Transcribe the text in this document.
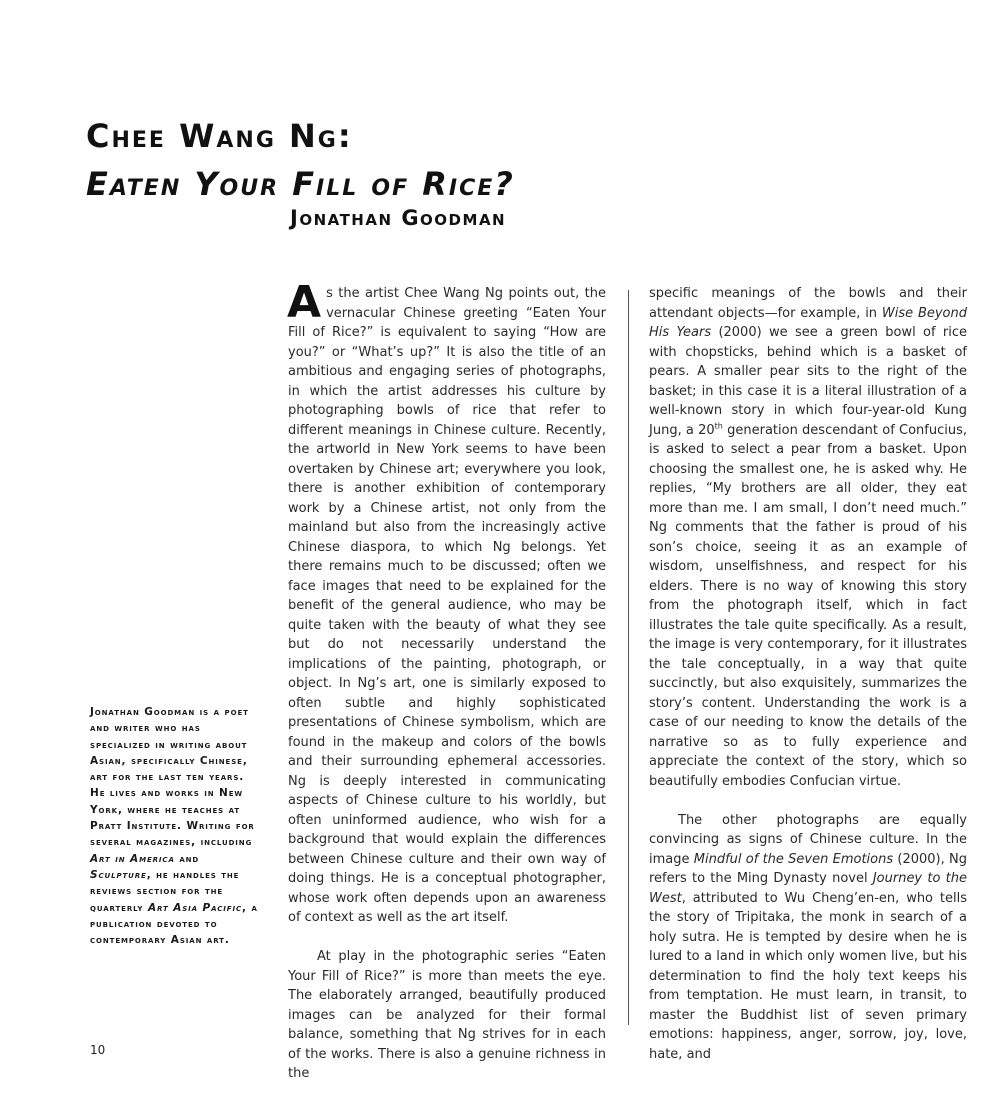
Chee Wang Ng:
Eaten Your Fill of Rice?
Jonathan Goodman

Jonathan Goodman is a poet and writer who has specialized in writing about Asian, specifically Chinese, art for the last ten years. He lives and works in New York, where he teaches at Pratt Institute. Writing for several magazines, including Art in America and Sculpture, he handles the reviews section for the quarterly Art Asia Pacific, a publication devoted to contemporary Asian art.

As the artist Chee Wang Ng points out, the vernacular Chinese greeting “Eaten Your Fill of Rice?” is equivalent to saying “How are you?” or “What’s up?” It is also the title of an ambitious and engaging series of photographs, in which the artist addresses his culture by photographing bowls of rice that refer to different meanings in Chinese culture. Recently, the artworld in New York seems to have been overtaken by Chinese art; everywhere you look, there is another exhibition of contemporary work by a Chinese artist, not only from the mainland but also from the increasingly active Chinese diaspora, to which Ng belongs. Yet there remains much to be discussed; often we face images that need to be explained for the benefit of the general audience, who may be quite taken with the beauty of what they see but do not necessarily understand the implications of the painting, photograph, or object. In Ng’s art, one is similarly exposed to often subtle and highly sophisticated presentations of Chinese symbolism, which are found in the makeup and colors of the bowls and their surrounding ephemeral accessories. Ng is deeply interested in communicating aspects of Chinese culture to his worldly, but often uninformed audience, who wish for a background that would explain the differences between Chinese culture and their own way of doing things. He is a conceptual photographer, whose work often depends upon an awareness of context as well as the art itself.

At play in the photographic series “Eaten Your Fill of Rice?” is more than meets the eye. The elaborately arranged, beautifully produced images can be analyzed for their formal balance, something that Ng strives for in each of the works. There is also a genuine richness in the

specific meanings of the bowls and their attendant objects—for example, in Wise Beyond His Years (2000) we see a green bowl of rice with chopsticks, behind which is a basket of pears. A smaller pear sits to the right of the basket; in this case it is a literal illustration of a well-known story in which four-year-old Kung Jung, a 20th generation descendant of Confucius, is asked to select a pear from a basket. Upon choosing the smallest one, he is asked why. He replies, “My brothers are all older, they eat more than me. I am small, I don’t need much.” Ng comments that the father is proud of his son’s choice, seeing it as an example of wisdom, unselfishness, and respect for his elders. There is no way of knowing this story from the photograph itself, which in fact illustrates the tale quite specifically. As a result, the image is very contemporary, for it illustrates the tale conceptually, in a way that quite succinctly, but also exquisitely, summarizes the story’s content. Understanding the work is a case of our needing to know the details of the narrative so as to fully experience and appreciate the context of the story, which so beautifully embodies Confucian virtue.

The other photographs are equally convincing as signs of Chinese culture. In the image Mindful of the Seven Emotions (2000), Ng refers to the Ming Dynasty novel Journey to the West, attributed to Wu Cheng’en-en, who tells the story of Tripitaka, the monk in search of a holy sutra. He is tempted by desire when he is lured to a land in which only women live, but his determination to find the holy text keeps his from temptation. He must learn, in transit, to master the Buddhist list of seven primary emotions: happiness, anger, sorrow, joy, love, hate, and

10
